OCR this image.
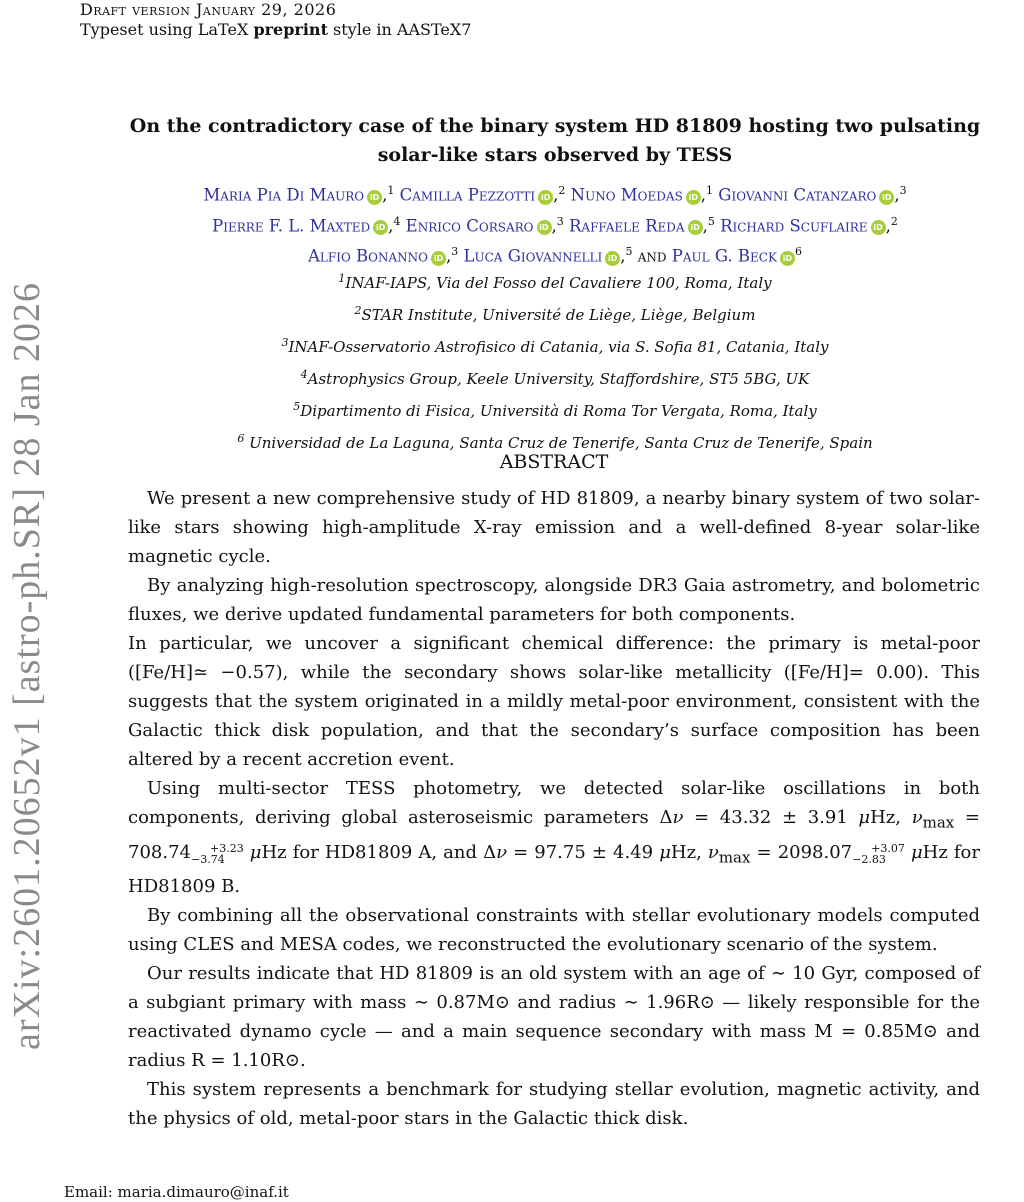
Draft version January 29, 2026
Typeset using LaTeX preprint style in AASTeX7
arXiv:2601.20652v1 [astro-ph.SR] 28 Jan 2026
On the contradictory case of the binary system HD 81809 hosting two pulsating
solar-like stars observed by TESS
Maria Pia Di Mauro iD ,$^1$ Camilla Pezzotti iD ,$^2$ Nuno Moedas iD ,$^1$ Giovanni Catanzaro iD ,$^3$
Pierre F. L. Maxted iD ,$^4$ Enrico Corsaro iD ,$^3$ Raffaele Reda iD ,$^5$ Richard Scuflaire iD ,$^2$
Alfio Bonanno iD ,$^3$ Luca Giovannelli iD ,$^5$ and Paul G. Beck iD $^6$
$^1$INAF-IAPS, Via del Fosso del Cavaliere 100, Roma, Italy
$^2$STAR Institute, Université de Liège, Liège, Belgium
$^3$INAF-Osservatorio Astrofisico di Catania, via S. Sofia 81, Catania, Italy
$^4$Astrophysics Group, Keele University, Staffordshire, ST5 5BG, UK
$^5$Dipartimento di Fisica, Università di Roma Tor Vergata, Roma, Italy
$^6$ Universidad de La Laguna, Santa Cruz de Tenerife, Santa Cruz de Tenerife, Spain
ABSTRACT

We present a new comprehensive study of HD 81809, a nearby binary system of two solar-like stars showing high-amplitude X-ray emission and a well-defined 8-year solar-like magnetic cycle.

By analyzing high-resolution spectroscopy, alongside DR3 Gaia astrometry, and bolometric fluxes, we derive updated fundamental parameters for both components.

In particular, we uncover a significant chemical difference: the primary is metal-poor ([Fe/H]≃ −0.57), while the secondary shows solar-like metallicity ([Fe/H]= 0.00). This suggests that the system originated in a mildly metal-poor environment, consistent with the Galactic thick disk population, and that the secondary’s surface composition has been altered by a recent accretion event.

Using multi-sector TESS photometry, we detected solar-like oscillations in both components, deriving global asteroseismic parameters Δν = 43.32 ± 3.91 μHz, $\nu_{max} = 708.74 +3.23$
−3.74 μHz for HD81809 A, and Δν = 97.75 ± 4.49 μHz, $\nu_{max} = 2098.07 +3.07$
−2.83 μHz for HD81809 B.

By combining all the observational constraints with stellar evolutionary models computed using CLES and MESA codes, we reconstructed the evolutionary scenario of the system.

Our results indicate that HD 81809 is an old system with an age of ∼ 10 Gyr, composed of a subgiant primary with mass ∼ 0.87M⊙ and radius ∼ 1.96R⊙ — likely responsible for the reactivated dynamo cycle — and a main sequence secondary with mass M = 0.85M⊙ and radius R = 1.10R⊙.

This system represents a benchmark for studying stellar evolution, magnetic activity, and the physics of old, metal-poor stars in the Galactic thick disk.

Email: maria.dimauro@inaf.it
